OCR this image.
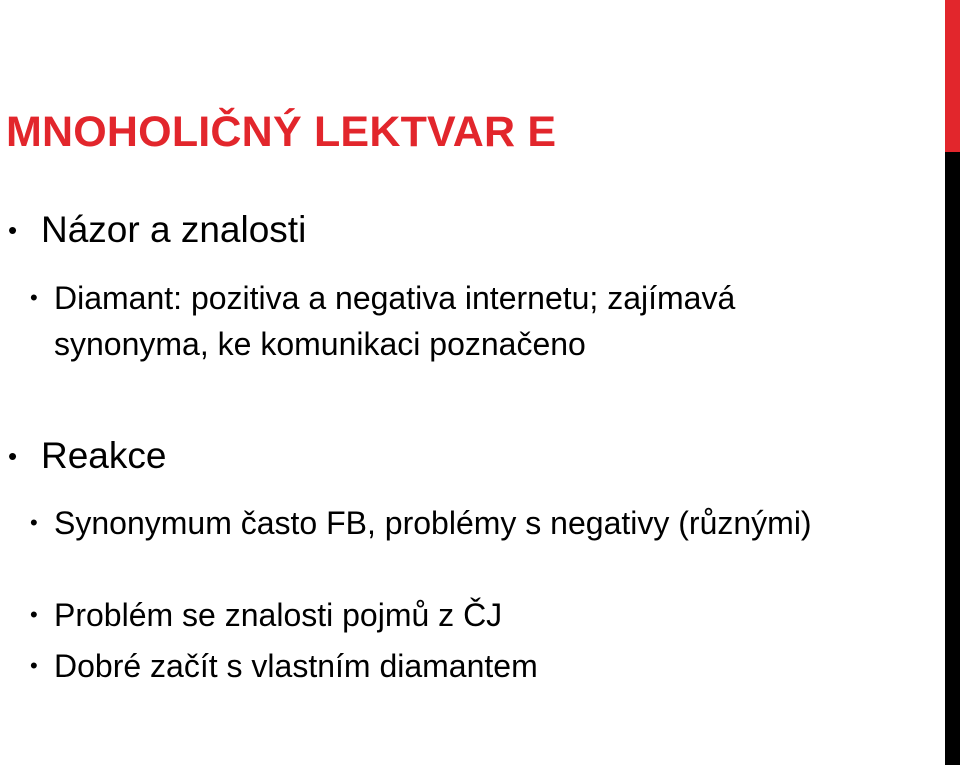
MNOHOLIČNÝ LEKTVAR E
• Názor a znalosti
• Diamant: pozitiva a negativa internetu; zajímavá synonyma, ke komunikaci poznačeno
• Reakce
• Synonymum často FB, problémy s negativy (různými)
• Problém se znalosti pojmů z ČJ
• Dobré začít s vlastním diamantem
